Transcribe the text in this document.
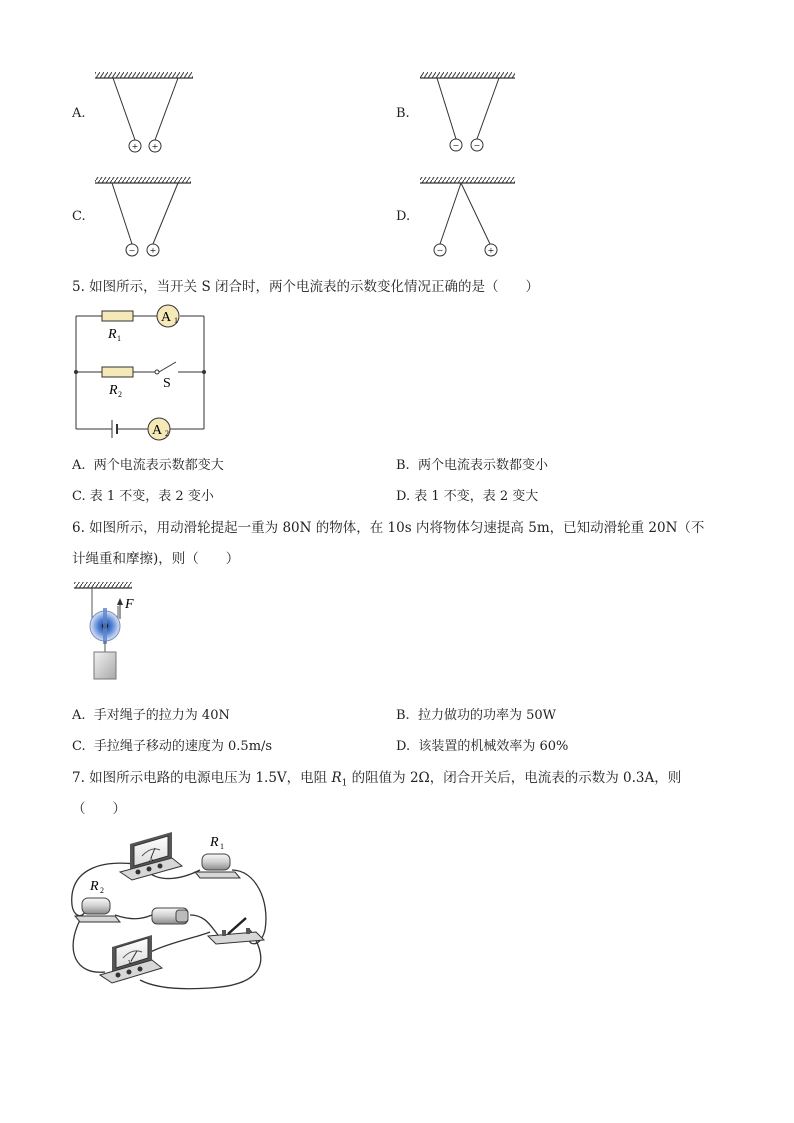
+ +	− −
− +	−	+
A.	B.
C.	D.
5. 如图所示，当开关 S 闭合时，两个电流表的示数变化情况正确的是（　　）
A 1
A 2
R 1
R 2
S
A. 两个电流表示数都变大	B. 两个电流表示数都变小
C. 表 1 不变，表 2 变小	D. 表 1 不变，表 2 变大
6. 如图所示，用动滑轮提起一重为 80N 的物体，在 10s 内将物体匀速提高 5m，已知动滑轮重 20N（不
计绳重和摩擦)，则（　　）
F
A. 手对绳子的拉力为 40N	B. 拉力做功的功率为 50W
C. 手拉绳子移动的速度为 0.5m/s	D. 该装置的机械效率为 60%
7. 如图所示电路的电源电压为 1.5V，电阻 $R_1$ 的阻值为 2Ω，闭合开关后，电流表的示数为 0.3A，则
（　　）
A
R 1
R 2
V
